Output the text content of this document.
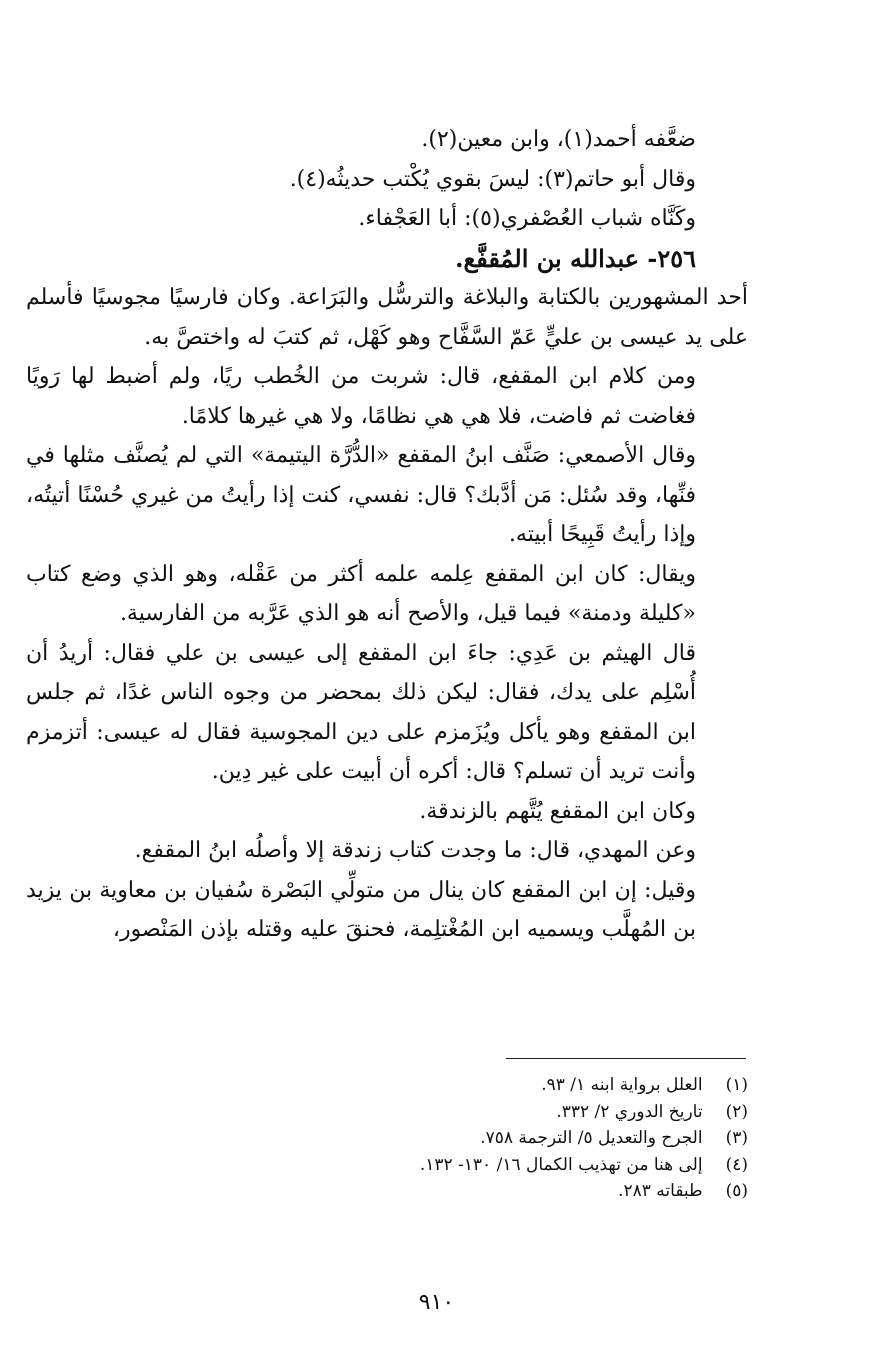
ضعَّفه أحمد(١)، وابن معين(٢).
وقال أبو حاتم(٣): ليسَ بقوي يُكْتب حديثُه(٤).
وكَنَّاه شباب العُصْفري(٥): أبا العَجْفاء.
٢٥٦- عبدالله بن المُقفَّع.
أحد المشهورين بالكتابة والبلاغة والترسُّل والبَرَاعة. وكان فارسيًا مجوسيًا فأسلم على يد عيسى بن عليٍّ عَمّ السَّفَّاح وهو كَهْل، ثم كتبَ له واختصَّ به.
ومن كلام ابن المقفع، قال: شربت من الخُطب ريًا، ولم أضبط لها رَويًا فغاضت ثم فاضت، فلا هي هي نظامًا، ولا هي غيرها كلامًا.
وقال الأصمعي: صَنَّف ابنُ المقفع «الدُّرَّة اليتيمة» التي لم يُصنَّف مثلها في فنِّها، وقد سُئل: مَن أدَّبك؟ قال: نفسي، كنت إذا رأيتُ من غيري حُسْنًا أتيتُه، وإذا رأيتُ قَبِيحًا أبيته.
ويقال: كان ابن المقفع عِلمه علمه أكثر من عَقْله، وهو الذي وضع كتاب «كليلة ودمنة» فيما قيل، والأصح أنه هو الذي عَرَّبه من الفارسية.
قال الهيثم بن عَدِي: جاءَ ابن المقفع إلى عيسى بن علي فقال: أريدُ أن أُسْلِم على يدك، فقال: ليكن ذلك بمحضر من وجوه الناس غدًا، ثم جلس ابن المقفع وهو يأكل ويُزَمزم على دين المجوسية فقال له عيسى: أتزمزم وأنت تريد أن تسلم؟ قال: أكره أن أبيت على غير دِين.
وكان ابن المقفع يُتَّهم بالزندقة.
وعن المهدي، قال: ما وجدت كتاب زندقة إلا وأصلُه ابنُ المقفع.
وقيل: إن ابن المقفع كان ينال من متولِّي البَصْرة سُفيان بن معاوية بن يزيد بن المُهلَّب ويسميه ابن المُغْتلِمة، فحنقَ عليه وقتله بإذن المَنْصور،
(١) العلل برواية ابنه ١/ ٩٣.
(٢) تاريخ الدوري ٢/ ٣٣٢.
(٣) الجرح والتعديل ٥/ الترجمة ٧٥٨.
(٤) إلى هنا من تهذيب الكمال ١٦/ ١٣٠- ١٣٢.
(٥) طبقاته ٢٨٣.
٩١٠
